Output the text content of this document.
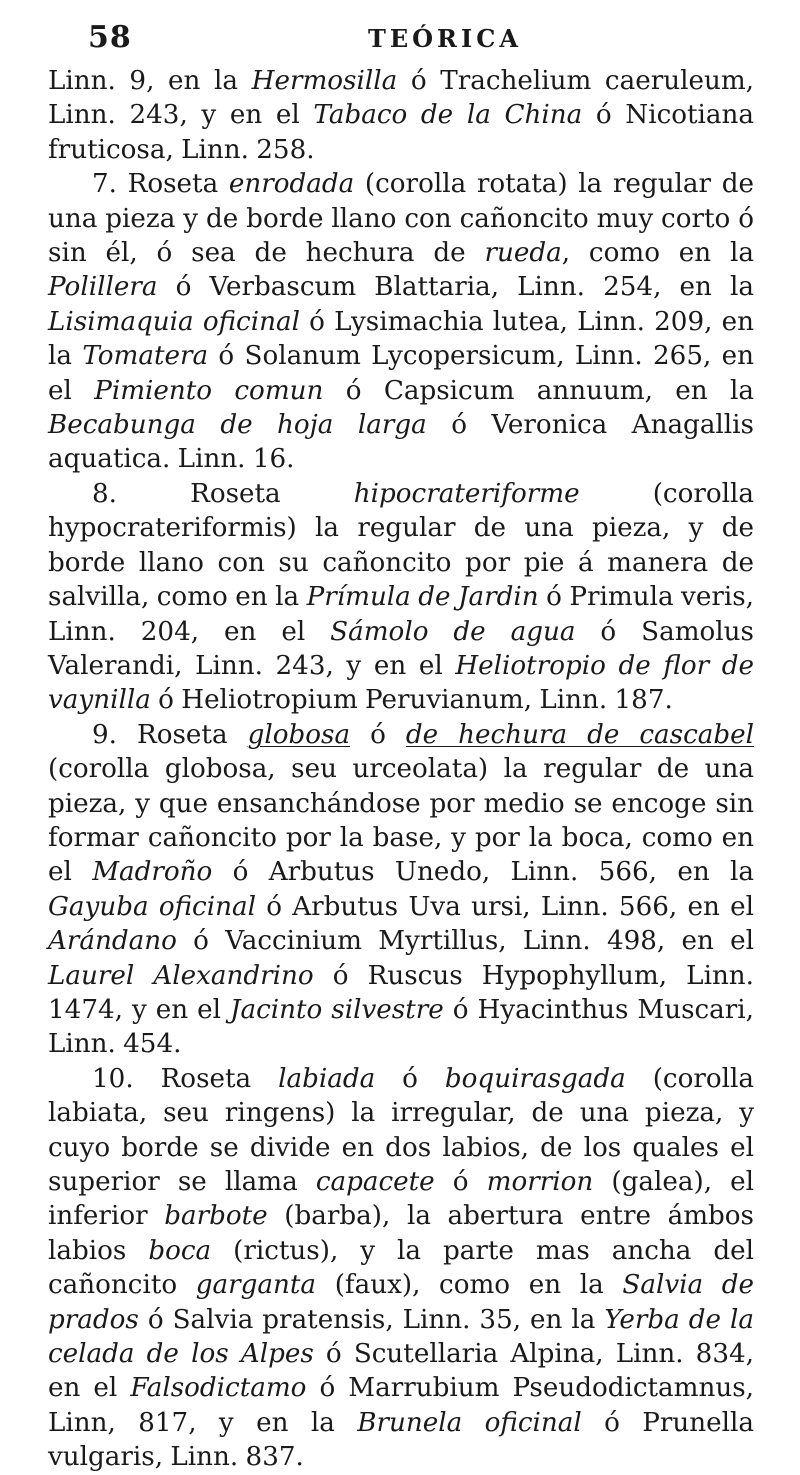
58	TEÓRICA

Linn. 9, en la Hermosilla ó Trachelium caeruleum, Linn. 243, y en el Tabaco de la China ó Nicotiana fruticosa, Linn. 258.

7. Roseta enrodada (corolla rotata) la regular de una pieza y de borde llano con cañoncito muy corto ó sin él, ó sea de hechura de rueda, como en la Polillera ó Verbascum Blattaria, Linn. 254, en la Lisimaquia oficinal ó Lysimachia lutea, Linn. 209, en la Tomatera ó Solanum Lycopersicum, Linn. 265, en el Pimiento comun ó Capsicum annuum, en la Becabunga de hoja larga ó Veronica Anagallis aquatica. Linn. 16.

8. Roseta hipocrateriforme (corolla hypocrateriformis) la regular de una pieza, y de borde llano con su cañoncito por pie á manera de salvilla, como en la Prímula de Jardin ó Primula veris, Linn. 204, en el Sámolo de agua ó Samolus Valerandi, Linn. 243, y en el Heliotropio de flor de vaynilla ó Heliotropium Peruvianum, Linn. 187.

9. Roseta globosa ó de hechura de cascabel (corolla globosa, seu urceolata) la regular de una pieza, y que ensanchándose por medio se encoge sin formar cañoncito por la base, y por la boca, como en el Madroño ó Arbutus Unedo, Linn. 566, en la Gayuba oficinal ó Arbutus Uva ursi, Linn. 566, en el Arándano ó Vaccinium Myrtillus, Linn. 498, en el Laurel Alexandrino ó Ruscus Hypophyllum, Linn. 1474, y en el Jacinto silvestre ó Hyacinthus Muscari, Linn. 454.

10. Roseta labiada ó boquirasgada (corolla labiata, seu ringens) la irregular, de una pieza, y cuyo borde se divide en dos labios, de los quales el superior se llama capacete ó morrion (galea), el inferior barbote (barba), la abertura entre ámbos labios boca (rictus), y la parte mas ancha del cañoncito garganta (faux), como en la Salvia de prados ó Salvia pratensis, Linn. 35, en la Yerba de la celada de los Alpes ó Scutellaria Alpina, Linn. 834, en el Falsodictamo ó Marrubium Pseudodictamnus, Linn, 817, y en la Brunela oficinal ó Prunella vulgaris, Linn. 837.
